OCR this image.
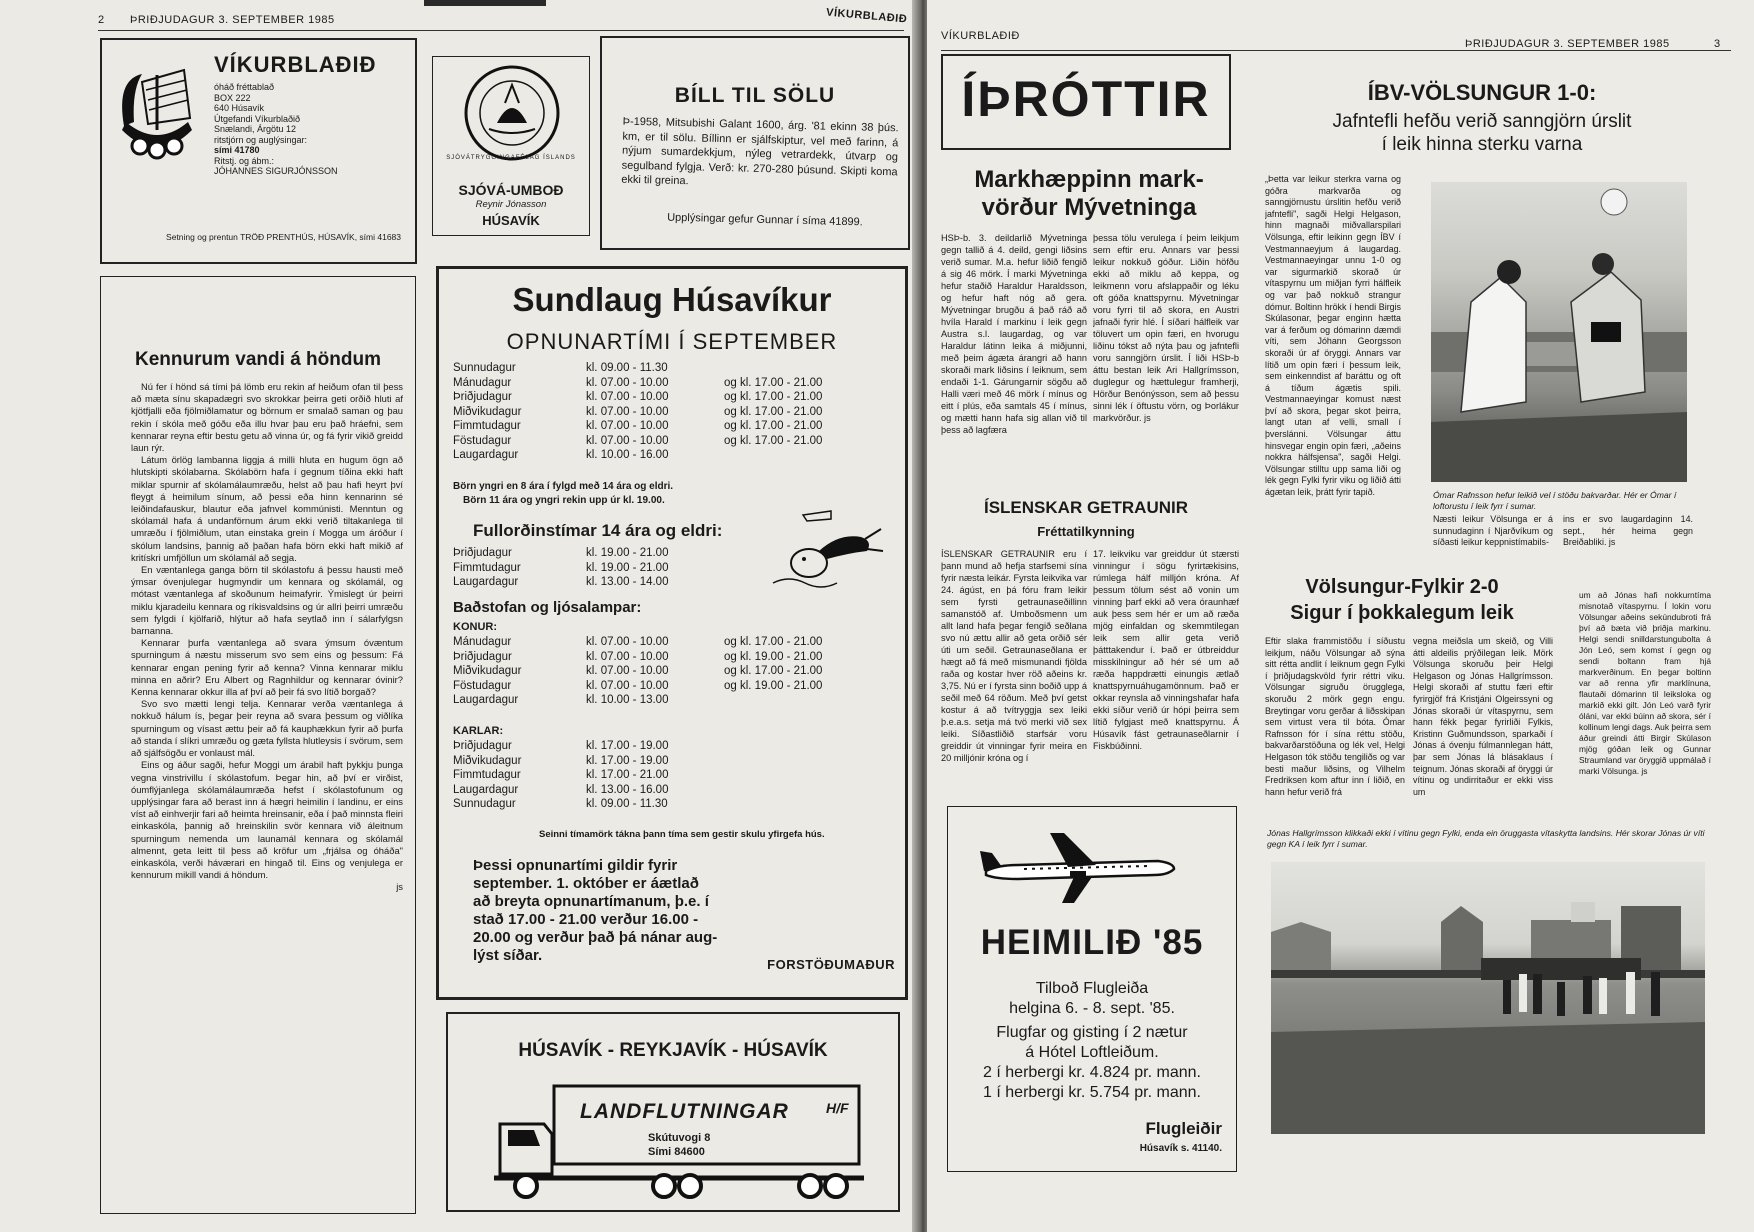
2 ÞRIÐJUDAGUR 3. SEPTEMBER 1985	VÍKURBLAÐIÐ
VÍKURBLAÐIÐ
óháð fréttablað
BOX 222
640 Húsavík
Útgefandi Víkurblaðið
Snælandi, Árgötu 12
ritstjórn og auglýsingar:
sími 41780
Ritstj. og ábm.:
JÓHANNES SIGURJÓNSSON
Setning og prentun TRÖÐ PRENTHÚS, HÚSAVÍK, sími 41683
SJÓVÁTRYGGINGAFÉLAG ÍSLANDS
SJÓVÁ-UMBOÐ
Reynir Jónasson
HÚSAVÍK
BÍLL TIL SÖLU
Þ-1958, Mitsubishi Galant 1600, árg. '81 ekinn 38 þús. km, er til sölu. Bíllinn er sjálfskiptur, vel með farinn, á nýjum sumardekkjum, nýleg vetrardekk, útvarp og segulband fylgja. Verð: kr. 270-280 þúsund. Skipti koma ekki til greina.
Upplýsingar gefur Gunnar í síma 41899.
Kennurum vandi á höndum

Nú fer í hönd sá tími þá lömb eru rekin af heiðum ofan til þess að mæta sínu skapadægri svo skrokkar þeirra geti orðið hluti af kjötfjalli eða fjölmiðlamatur og börnum er smalað saman og þau rekin í skóla með góðu eða illu hvar þau eru það hráefni, sem kennarar reyna eftir bestu getu að vinna úr, og fá fyrir vikið greidd laun rýr.

Látum örlög lambanna liggja á milli hluta en hugum ögn að hlutskipti skólabarna. Skólabörn hafa í gegnum tíðina ekki haft miklar spurnir af skólamálaumræðu, helst að þau hafi heyrt því fleygt á heimilum sínum, að þessi eða hinn kennarinn sé leiðindafauskur, blautur eða jafnvel kommúnisti. Menntun og skólamál hafa á undanförnum árum ekki verið tiltakanlega til umræðu í fjölmiðlum, utan einstaka grein í Mogga um áróður í skólum landsins, þannig að þaðan hafa börn ekki haft mikið af kritískri umfjöllun um skólamál að segja.

En væntanlega ganga börn til skólastofu á þessu hausti með ýmsar óvenjulegar hugmyndir um kennara og skólamál, og mótast væntanlega af skoðunum heimafyrir. Ýmislegt úr þeirri miklu kjaradeilu kennara og ríkisvaldsins og úr allri þeirri umræðu sem fylgdi í kjölfarið, hlýtur að hafa seytlað inn í sálarfylgsn barnanna.

Kennarar þurfa væntanlega að svara ýmsum óvæntum spurningum á næstu misserum svo sem eins og þessum: Fá kennarar engan pening fyrir að kenna? Vinna kennarar miklu minna en aðrir? Eru Albert og Ragnhildur og kennarar óvinir? Kenna kennarar okkur illa af því að þeir fá svo lítið borgað?

Svo svo mætti lengi telja. Kennarar verða væntanlega á nokkuð hálum ís, þegar þeir reyna að svara þessum og viðlíka spurningum og vísast ættu þeir að fá kauphækkun fyrir að þurfa að standa í slíkri umræðu og gæta fyllsta hlutleysis í svörum, sem að sjálfsögðu er vonlaust mál.

Eins og áður sagði, hefur Moggi um árabil haft þykkju þunga vegna vinstrivillu í skólastofum. Þegar hin, að því er virðist, óumflýjanlega skólamálaumræða hefst í skólastofunum og upplýsingar fara að berast inn á hægri heimilin í landinu, er eins víst að einhverjir fari að heimta hreinsanir, eða í það minnsta fleiri einkaskóla, þannig að hreinskilin svör kennara við áleitnum spurningum nemenda um launamál kennara og skólamál almennt, geta leitt til þess að kröfur um „frjálsa og óháða" einkaskóla, verði háværari en hingað til. Eins og venjulega er kennurum mikill vandi á höndum.

js

Sundlaug Húsavíkur
OPNUNARTÍMI Í SEPTEMBER
Sunnudagur	kl. 09.00 - 11.30	
Mánudagur	kl. 07.00 - 10.00	og kl. 17.00 - 21.00
Þriðjudagur	kl. 07.00 - 10.00	og kl. 17.00 - 21.00
Miðvikudagur	kl. 07.00 - 10.00	og kl. 17.00 - 21.00
Fimmtudagur	kl. 07.00 - 10.00	og kl. 17.00 - 21.00
Föstudagur	kl. 07.00 - 10.00	og kl. 17.00 - 21.00
Laugardagur	kl. 10.00 - 16.00	
Börn yngri en 8 ára í fylgd með 14 ára og eldri.
Börn 11 ára og yngri rekin upp úr kl. 19.00.
Fullorðinstímar 14 ára og eldri:
Þriðjudagur	kl. 19.00 - 21.00
Fimmtudagur	kl. 19.00 - 21.00
Laugardagur	kl. 13.00 - 14.00
Baðstofan og ljósalampar:
KONUR:
Mánudagur	kl. 07.00 - 10.00	og kl. 17.00 - 21.00
Þriðjudagur	kl. 07.00 - 10.00	og kl. 19.00 - 21.00
Miðvikudagur	kl. 07.00 - 10.00	og kl. 17.00 - 21.00
Föstudagur	kl. 07.00 - 10.00	og kl. 19.00 - 21.00
Laugardagur	kl. 10.00 - 13.00	
KARLAR:
Þriðjudagur	kl. 17.00 - 19.00
Miðvikudagur	kl. 17.00 - 19.00
Fimmtudagur	kl. 17.00 - 21.00
Laugardagur	kl. 13.00 - 16.00
Sunnudagur	kl. 09.00 - 11.30
Seinni tímamörk tákna þann tíma sem gestir skulu yfirgefa hús.
Þessi opnunartími gildir fyrir
september. 1. október er áætlað
að breyta opnunartímanum, þ.e. í
stað 17.00 - 21.00 verður 16.00 -
20.00 og verður það þá nánar aug-
lýst síðar.
FORSTÖÐUMAÐUR
HÚSAVÍK - REYKJAVÍK - HÚSAVÍK
LANDFLUTNINGAR	H/F
Skútuvogi 8
Sími 84600
VÍKURBLAÐIÐ
ÞRIÐJUDAGUR 3. SEPTEMBER 1985	3
ÍÞRÓTTIR
Markhæppinn mark-
vörður Mývetninga
HSÞ-b. 3. deildarlið Mývetninga gegn tallið á 4. deild, gengi liðsins verið sumar. M.a. hefur liðið fengið á sig 46 mörk. Í marki Mývetninga hefur staðið Haraldur Haraldsson, og hefur haft nóg að gera. Mývetningar brugðu á það ráð að hvíla Harald í markinu í leik gegn Austra s.l. laugardag, og var Haraldur látinn leika á miðjunni, með þeim ágæta árangri að hann skoraði mark liðsins í leiknum, sem endaði 1-1. Gárungarnir sögðu að Halli væri með 46 mörk í mínus og eitt í plús, eða samtals 45 í mínus, og mætti hann hafa sig allan við til þess að lagfæra
þessa tölu verulega í þeim leikjum sem eftir eru. Annars var þessi leikur nokkuð góður. Liðin höfðu ekki að miklu að keppa, og leikmenn voru afslappaðir og léku oft góða knattspyrnu. Mývetningar voru fyrri til að skora, en Austri jafnaði fyrir hlé. Í síðari hálfleik var töluvert um opin færi, en hvorugu liðinu tókst að nýta þau og jafntefli voru sanngjörn úrslit. Í liði HSÞ-b áttu bestan leik Ari Hallgrímsson, duglegur og hættulegur framherji, Hörður Benónýsson, sem að þessu sinni lék í öftustu vörn, og Þorlákur markvörður. js
ÍSLENSKAR GETRAUNIR
Fréttatilkynning
ÍSLENSKAR GETRAUNIR eru í þann mund að hefja starfsemi sína fyrir næsta leikár. Fyrsta leikvika var 24. ágúst, en þá fóru fram leikir sem fyrsti getraunaseðillinn samanstóð af. Umboðsmenn um allt land hafa þegar fengið seðlana svo nú ættu allir að geta orðið sér úti um seðil. Getraunaseðlana er hægt að fá með mismunandi fjölda raða og kostar hver röð aðeins kr. 3,75. Nú er í fyrsta sinn boðið upp á seðil með 64 röðum. Með því getst kostur á að tvítryggja sex leiki þ.e.a.s. setja má tvö merki við sex leiki. Síðastliðið starfsár voru greiddir út vinningar fyrir meira en 20 milljónir króna og í
17. leikviku var greiddur út stærsti vinningur í sögu fyrirtækisins, rúmlega hálf milljón króna. Af þessum tölum sést að vonin um vinning þarf ekki að vera óraunhæf auk þess sem hér er um að ræða mjög einfaldan og skemmtilegan leik sem allir geta verið þátttakendur í. Það er útbreiddur misskilningur að hér sé um að ræða happdrætti einungis ætlað knattspyrnuáhugamönnum. Það er okkar reynsla að vinningshafar hafa ekki síður verið úr hópi þeirra sem lítið fylgjast með knattspyrnu. Á Húsavík fást getraunaseðlarnir í Fiskbúðinni.
HEIMILIÐ '85
Tilboð Flugleiða
helgina 6. - 8. sept. '85.
Flugfar og gisting í 2 nætur
á Hótel Loftleiðum.
2 í herbergi kr. 4.824 pr. mann.
1 í herbergi kr. 5.754 pr. mann.
Flugleiðir
Húsavík s. 41140.
ÍBV-VÖLSUNGUR 1-0:
Jafntefli hefðu verið sanngjörn úrslit
í leik hinna sterku varna
„Þetta var leikur sterkra varna og góðra markvarða og sanngjörnustu úrslitin hefðu verið jafntefli", sagði Helgi Helgason, hinn magnaði miðvallarspilari Völsunga, eftir leikinn gegn ÍBV í Vestmannaeyjum á laugardag. Vestmannaeyingar unnu 1-0 og var sigurmarkið skorað úr vítaspyrnu um miðjan fyrri hálfleik og var það nokkuð strangur dómur. Boltinn hrökk í hendi Birgis Skúlasonar, þegar enginn hætta var á ferðum og dómarinn dæmdi víti, sem Jóhann Georgsson skoraði úr af öryggi. Annars var lítið um opin færi í þessum leik, sem einkenndist af baráttu og oft á tíðum ágætis spili. Vestmannaeyingar komust næst því að skora, þegar skot þeirra, langt utan af velli, small í þverslánni. Völsungar áttu hinsvegar engin opin færi, „aðeins nokkra hálfsjensa", sagði Helgi. Völsungar stilltu upp sama liði og lék gegn Fylki fyrir viku og liðið átti ágætan leik, þrátt fyrir tapið.	Ómar Rafnsson hefur leikið vel í stöðu bakvarðar. Hér er Ómar í loftorustu í leik fyrr í sumar.
Næsti leikur Völsunga er á sunnudaginn í Njarðvíkum og síðasti leikur keppnistímabils-
ins er svo laugardaginn 14. sept., hér heima gegn Breiðabliki. js
Völsungur-Fylkir 2-0
Sigur í þokkalegum leik
Eftir slaka frammistöðu í síðustu leikjum, náðu Völsungar að sýna sitt rétta andlit í leiknum gegn Fylki í þriðjudagskvöld fyrir réttri viku. Völsungar sigruðu örugglega, skoruðu 2 mörk gegn engu. Breytingar voru gerðar á liðsskipan sem virtust vera til bóta. Ómar Rafnsson fór í sína réttu stöðu, bakvarðarstöðuna og lék vel, Helgi Helgason tók stöðu tengiliðs og var besti maður liðsins, og Vilhelm Fredriksen kom aftur inn í liðið, en hann hefur verið frá
vegna meiðsla um skeið, og Villi átti aldeilis prýðilegan leik. Mörk Völsunga skoruðu þeir Helgi Helgason og Jónas Hallgrímsson. Helgi skoraði af stuttu færi eftir fyrirgjöf frá Kristjáni Olgeirssyni og Jónas skoraði úr vítaspyrnu, sem hann fékk þegar fyrirliði Fylkis, Kristinn Guðmundsson, sparkaði í Jónas á óvenju fúlmannlegan hátt, þar sem Jónas lá blásaklaus í teignum. Jónas skoraði af öryggi úr vítinu og undirritaður er ekki viss um
um að Jónas hafi nokkurntíma misnotað vítaspyrnu. Í lokin voru Völsungar aðeins sekúndubroti frá því að bæta við þriðja markinu. Helgi sendi snilldarstungubolta á Jón Leó, sem komst í gegn og sendi boltann fram hjá markverðinum. En þegar boltinn var að renna yfir marklínuna, flautaði dómarinn til leiksloka og markið ekki gilt. Jón Leó varð fyrir óláni, var ekki búinn að skora, sér í kollinum lengi dags. Auk þeirra sem áður greindi átti Birgir Skúlason mjög góðan leik og Gunnar Straumland var öryggið uppmálað í marki Völsunga. js
Jónas Hallgrímsson klikkaði ekki í vítinu gegn Fylki, enda ein öruggasta vítaskytta landsins. Hér skorar Jónas úr víti gegn KA í leik fyrr í sumar.
